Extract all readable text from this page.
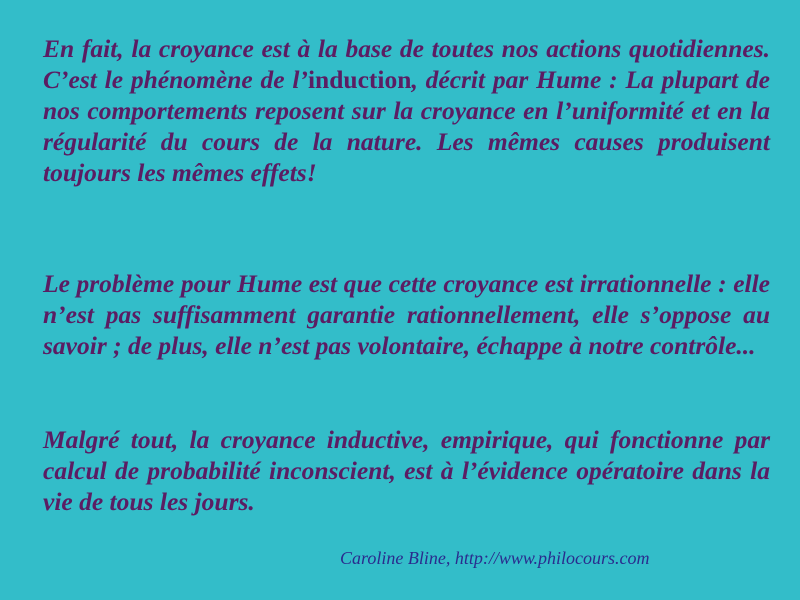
En fait, la croyance est à la base de toutes nos actions quotidiennes. C’est le phénomène de l’induction, décrit par Hume : La plupart de nos comportements reposent sur la croyance en l’uniformité et en la régularité du cours de la nature. Les mêmes causes produisent toujours les mêmes effets!

Le problème pour Hume est que cette croyance est irrationnelle : elle n’est pas suffisamment garantie rationnellement, elle s’oppose au savoir ; de plus, elle n’est pas volontaire, échappe à notre contrôle...

Malgré tout, la croyance inductive, empirique, qui fonctionne par calcul de probabilité inconscient, est à l’évidence opératoire dans la vie de tous les jours.

Caroline Bline, http://www.philocours.com
